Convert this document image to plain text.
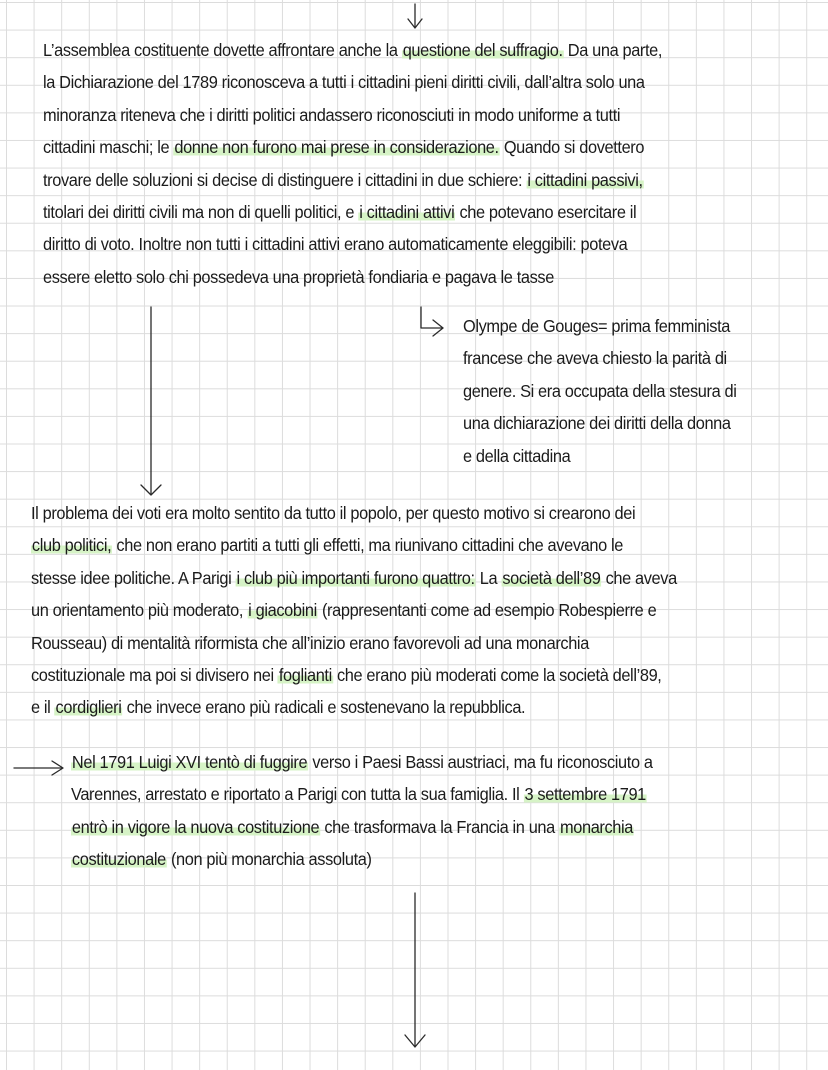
L’assemblea costituente dovette affrontare anche la questione del suffragio. Da una parte,
la Dichiarazione del 1789 riconosceva a tutti i cittadini pieni diritti civili, dall’altra solo una
minoranza riteneva che i diritti politici andassero riconosciuti in modo uniforme a tutti
cittadini maschi; le donne non furono mai prese in considerazione. Quando si dovettero
trovare delle soluzioni si decise di distinguere i cittadini in due schiere: i cittadini passivi,
titolari dei diritti civili ma non di quelli politici, e i cittadini attivi che potevano esercitare il
diritto di voto. Inoltre non tutti i cittadini attivi erano automaticamente eleggibili: poteva
essere eletto solo chi possedeva una proprietà fondiaria e pagava le tasse
Olympe de Gouges= prima femminista
francese che aveva chiesto la parità di
genere. Si era occupata della stesura di
una dichiarazione dei diritti della donna
e della cittadina
Il problema dei voti era molto sentito da tutto il popolo, per questo motivo si crearono dei
club politici, che non erano partiti a tutti gli effetti, ma riunivano cittadini che avevano le
stesse idee politiche. A Parigi i club più importanti furono quattro: La società dell’89 che aveva
un orientamento più moderato, i giacobini (rappresentanti come ad esempio Robespierre e
Rousseau) di mentalità riformista che all’inizio erano favorevoli ad una monarchia
costituzionale ma poi si divisero nei foglianti che erano più moderati come la società dell’89,
e il cordiglieri che invece erano più radicali e sostenevano la repubblica.
Nel 1791 Luigi XVI tentò di fuggire verso i Paesi Bassi austriaci, ma fu riconosciuto a
Varennes, arrestato e riportato a Parigi con tutta la sua famiglia. Il 3 settembre 1791
entrò in vigore la nuova costituzione che trasformava la Francia in una monarchia
costituzionale (non più monarchia assoluta)
